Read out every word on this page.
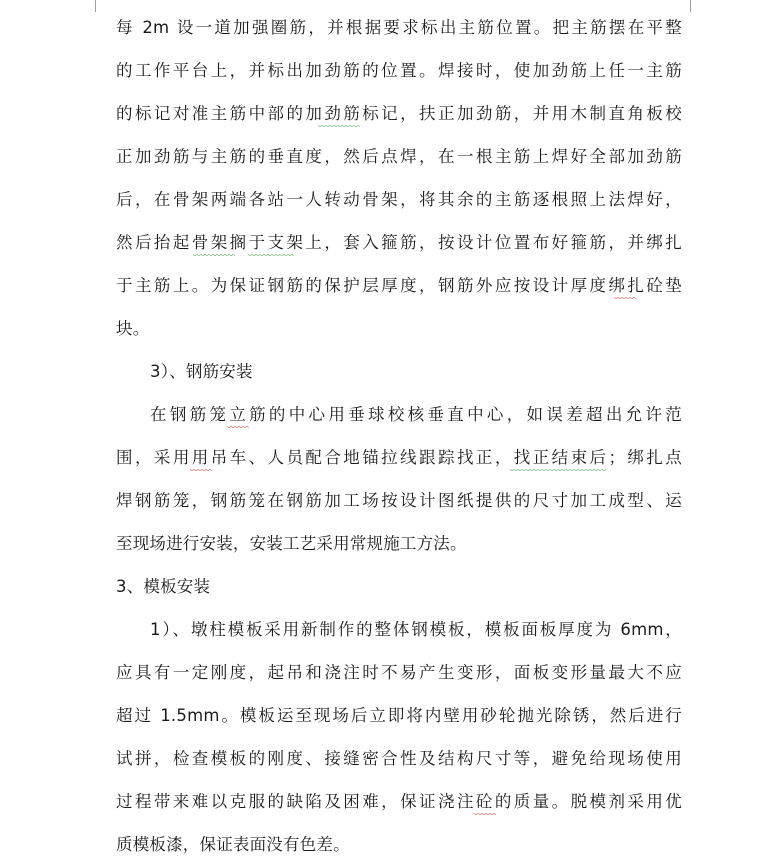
每 2m 设一道加强圈筋，并根据要求标出主筋位置。把主筋摆在平整
的工作平台上，并标出加劲筋的位置。焊接时，使加劲筋上任一主筋
的标记对准主筋中部的加劲筋标记，扶正加劲筋，并用木制直角板校
正加劲筋与主筋的垂直度，然后点焊，在一根主筋上焊好全部加劲筋
后，在骨架两端各站一人转动骨架，将其余的主筋逐根照上法焊好，
然后抬起骨架搁于支架上，套入箍筋，按设计位置布好箍筋，并绑扎
于主筋上。为保证钢筋的保护层厚度，钢筋外应按设计厚度绑扎砼垫
块。
3）、钢筋安装
在钢筋笼立筋的中心用垂球校核垂直中心，如误差超出允许范
围，采用用吊车、人员配合地锚拉线跟踪找正，找正结束后；绑扎点
焊钢筋笼，钢筋笼在钢筋加工场按设计图纸提供的尺寸加工成型、运
至现场进行安装，安装工艺采用常规施工方法。
3、模板安装
1）、墩柱模板采用新制作的整体钢模板，模板面板厚度为 6mm，
应具有一定刚度，起吊和浇注时不易产生变形，面板变形量最大不应
超过 1.5mm。模板运至现场后立即将内壁用砂轮抛光除锈，然后进行
试拼，检查模板的刚度、接缝密合性及结构尺寸等，避免给现场使用
过程带来难以克服的缺陷及困难，保证浇注砼的质量。脱模剂采用优
质模板漆，保证表面没有色差。
